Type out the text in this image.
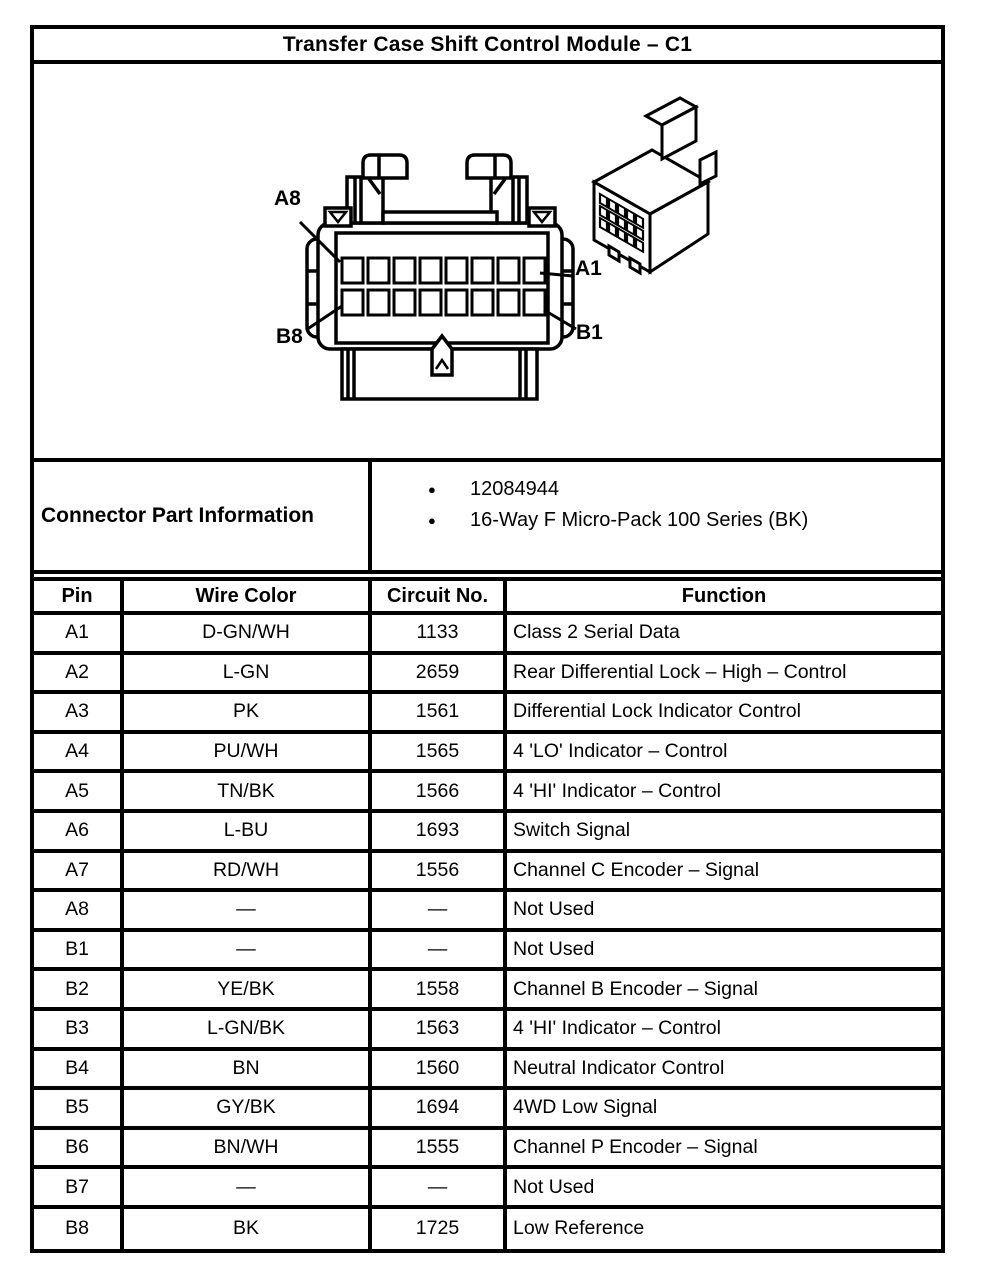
Transfer Case Shift Control Module – C1
A8
A1
B8	B1
Connector Part Information
●	12084944
●	16-Way F Micro-Pack 100 Series (BK)
Pin	Wire Color	Circuit No.	Function
A1	D-GN/WH	1133	Class 2 Serial Data
A2	L-GN	2659	Rear Differential Lock – High – Control
A3	PK	1561	Differential Lock Indicator Control
A4	PU/WH	1565	4 'LO' Indicator – Control
A5	TN/BK	1566	4 'HI' Indicator – Control
A6	L-BU	1693	Switch Signal
A7	RD/WH	1556	Channel C Encoder – Signal
A8	—	—	Not Used
B1	—	—	Not Used
B2	YE/BK	1558	Channel B Encoder – Signal
B3	L-GN/BK	1563	4 'HI' Indicator – Control
B4	BN	1560	Neutral Indicator Control
B5	GY/BK	1694	4WD Low Signal
B6	BN/WH	1555	Channel P Encoder – Signal
B7	—	—	Not Used
B8	BK	1725	Low Reference
